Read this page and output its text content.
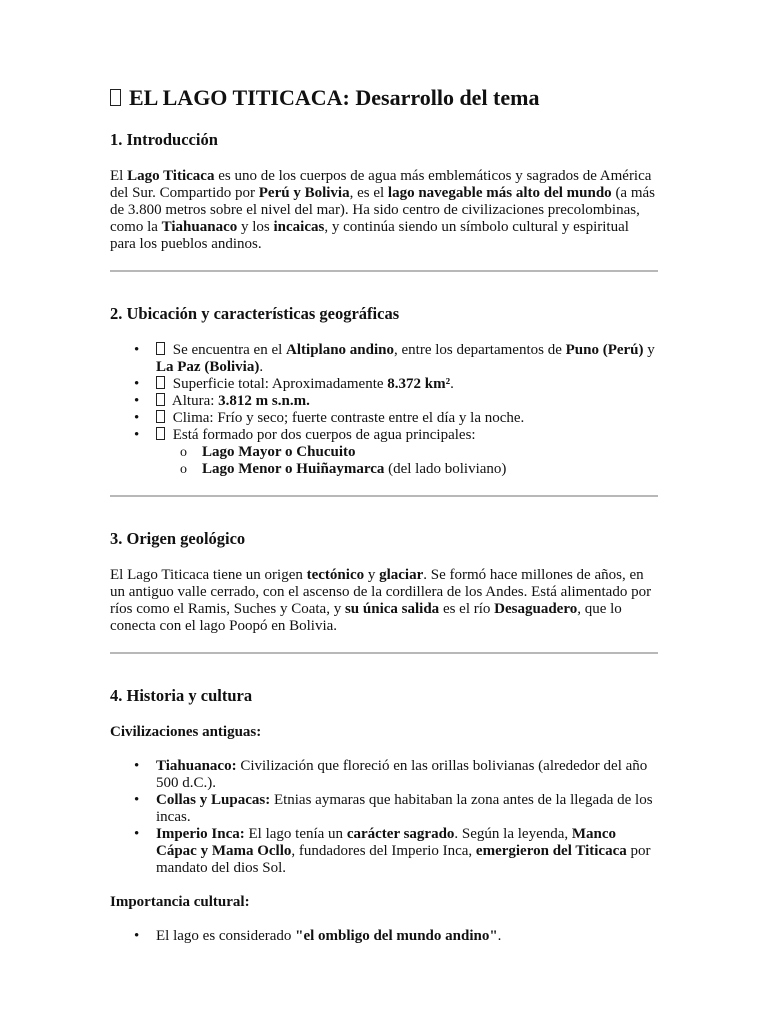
EL LAGO TITICACA: Desarrollo del tema
1. Introducción

El Lago Titicaca es uno de los cuerpos de agua más emblemáticos y sagrados de América del Sur. Compartido por Perú y Bolivia, es el lago navegable más alto del mundo (a más de 3.800 metros sobre el nivel del mar). Ha sido centro de civilizaciones precolombinas, como la Tiahuanaco y los incaicas, y continúa siendo un símbolo cultural y espiritual para los pueblos andinos.

2. Ubicación y características geográficas
• Se encuentra en el Altiplano andino, entre los departamentos de Puno (Perú) y La Paz (Bolivia).
• Superficie total: Aproximadamente 8.372 km².
• Altura: 3.812 m s.n.m.
• Clima: Frío y seco; fuerte contraste entre el día y la noche.
• Está formado por dos cuerpos de agua principales:
o Lago Mayor o Chucuito
o Lago Menor o Huiñaymarca (del lado boliviano)
3. Origen geológico

El Lago Titicaca tiene un origen tectónico y glaciar. Se formó hace millones de años, en un antiguo valle cerrado, con el ascenso de la cordillera de los Andes. Está alimentado por ríos como el Ramis, Suches y Coata, y su única salida es el río Desaguadero, que lo conecta con el lago Poopó en Bolivia.

4. Historia y cultura
Civilizaciones antiguas:
• Tiahuanaco: Civilización que floreció en las orillas bolivianas (alrededor del año 500 d.C.).
• Collas y Lupacas: Etnias aymaras que habitaban la zona antes de la llegada de los incas.
• Imperio Inca: El lago tenía un carácter sagrado. Según la leyenda, Manco Cápac y Mama Ocllo, fundadores del Imperio Inca, emergieron del Titicaca por mandato del dios Sol.
Importancia cultural:
• El lago es considerado "el ombligo del mundo andino".
